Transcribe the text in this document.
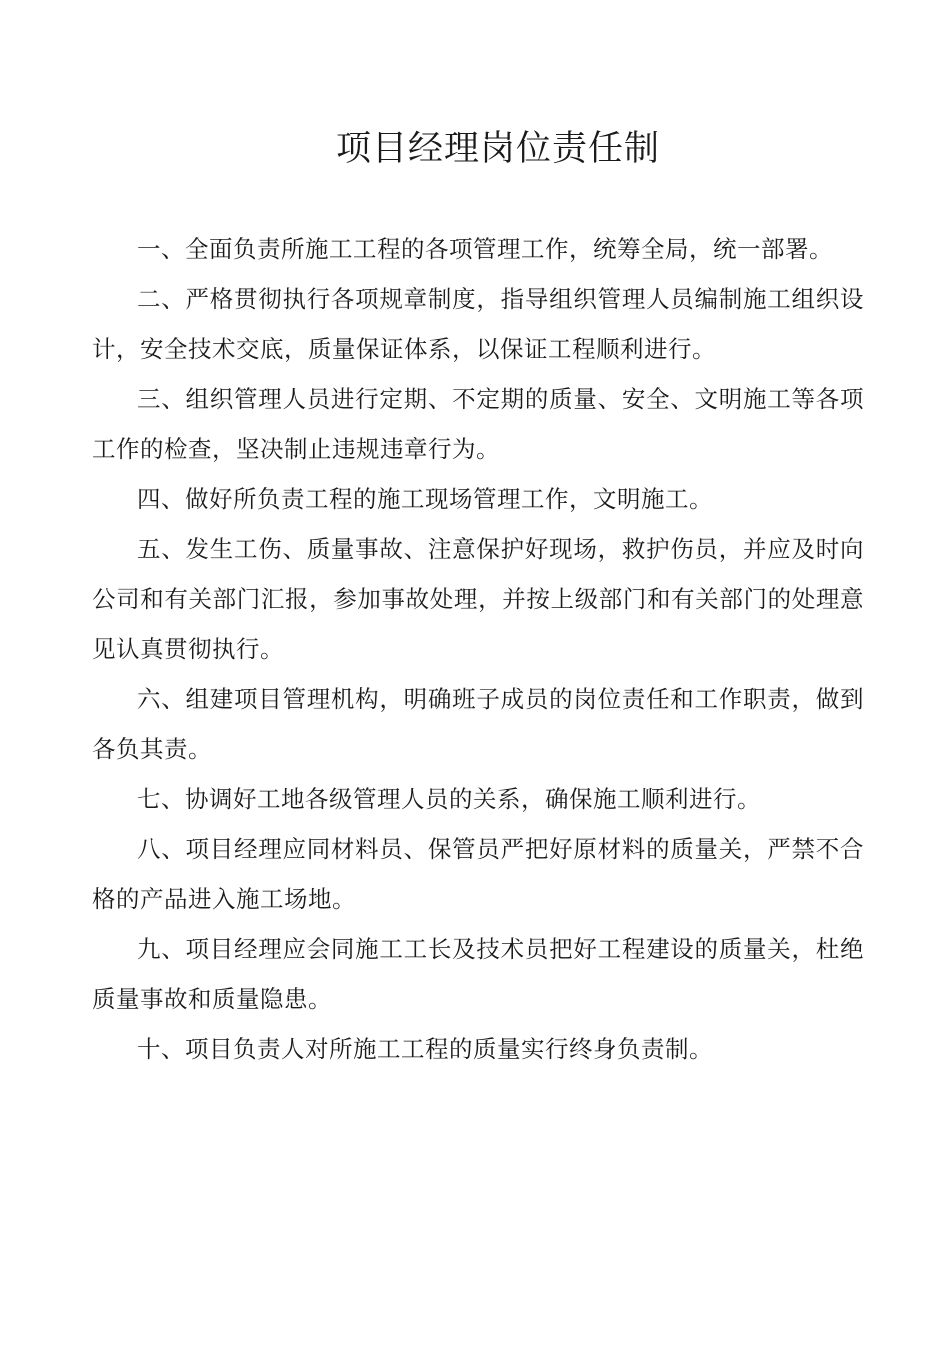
项目经理岗位责任制

一、全面负责所施工工程的各项管理工作，统筹全局，统一部署。

二、严格贯彻执行各项规章制度，指导组织管理人员编制施工组织设计，安全技术交底，质量保证体系，以保证工程顺利进行。

三、组织管理人员进行定期、不定期的质量、安全、文明施工等各项工作的检查，坚决制止违规违章行为。

四、做好所负责工程的施工现场管理工作，文明施工。

五、发生工伤、质量事故、注意保护好现场，救护伤员，并应及时向公司和有关部门汇报，参加事故处理，并按上级部门和有关部门的处理意见认真贯彻执行。

六、组建项目管理机构，明确班子成员的岗位责任和工作职责，做到各负其责。

七、协调好工地各级管理人员的关系，确保施工顺利进行。

八、项目经理应同材料员、保管员严把好原材料的质量关，严禁不合格的产品进入施工场地。

九、项目经理应会同施工工长及技术员把好工程建设的质量关，杜绝质量事故和质量隐患。

十、项目负责人对所施工工程的质量实行终身负责制。
